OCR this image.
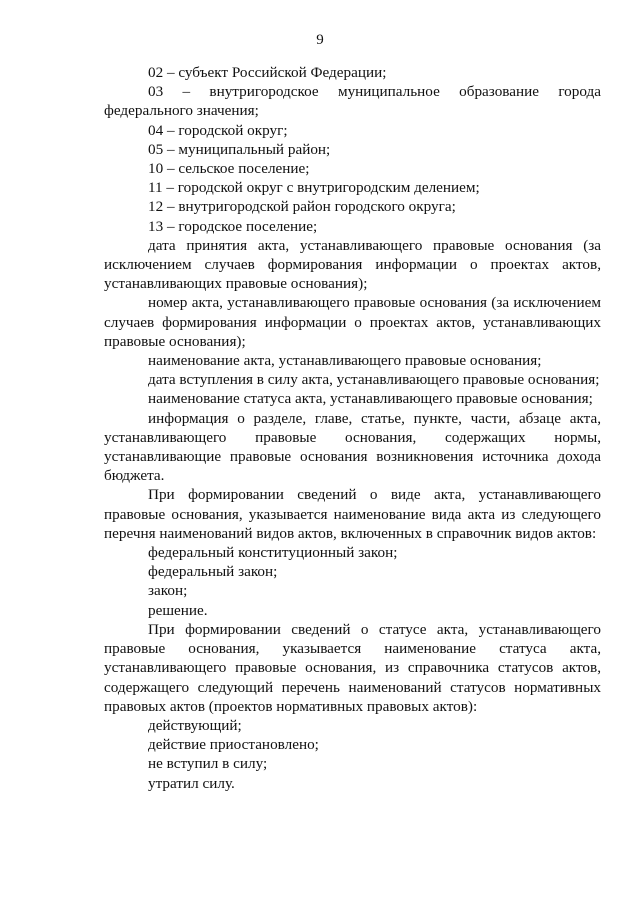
9

02 – субъект Российской Федерации;

03 – внутригородское муниципальное образование города федерального значения;

04 – городской округ;

05 – муниципальный район;

10 – сельское поселение;

11 – городской округ с внутригородским делением;

12 – внутригородской район городского округа;

13 – городское поселение;

дата принятия акта, устанавливающего правовые основания (за исключением случаев формирования информации о проектах актов, устанавливающих правовые основания);

номер акта, устанавливающего правовые основания (за исключением случаев формирования информации о проектах актов, устанавливающих правовые основания);

наименование акта, устанавливающего правовые основания;

дата вступления в силу акта, устанавливающего правовые основания;

наименование статуса акта, устанавливающего правовые основания;

информация о разделе, главе, статье, пункте, части, абзаце акта, устанавливающего правовые основания, содержащих нормы, устанавливающие правовые основания возникновения источника дохода бюджета.

При формировании сведений о виде акта, устанавливающего правовые основания, указывается наименование вида акта из следующего перечня наименований видов актов, включенных в справочник видов актов:

федеральный конституционный закон;

федеральный закон;

закон;

решение.

При формировании сведений о статусе акта, устанавливающего правовые основания, указывается наименование статуса акта, устанавливающего правовые основания, из справочника статусов актов, содержащего следующий перечень наименований статусов нормативных правовых актов (проектов нормативных правовых актов):

действующий;

действие приостановлено;

не вступил в силу;

утратил силу.
